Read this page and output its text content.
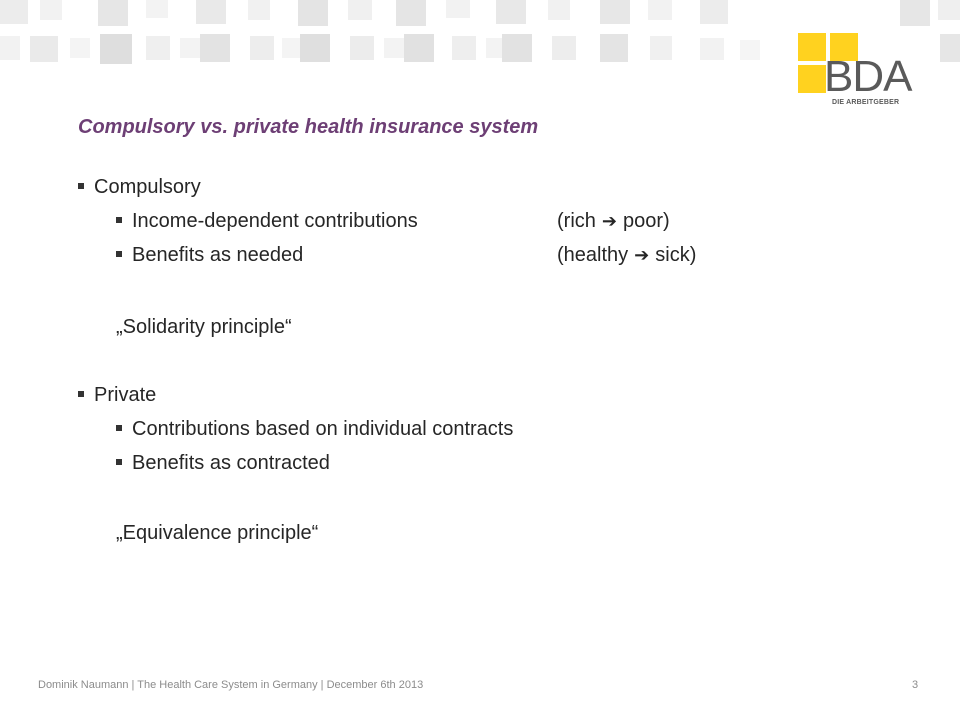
BDA
DIE ARBEITGEBER
Compulsory vs. private health insurance system
Compulsory
Income-dependent contributions	(rich ➔ poor)
Benefits as needed	(healthy ➔ sick)
„Solidarity principle“
Private
Contributions based on individual contracts
Benefits as contracted
„Equivalence principle“
Dominik Naumann | The Health Care System in Germany | December 6th 2013	3
